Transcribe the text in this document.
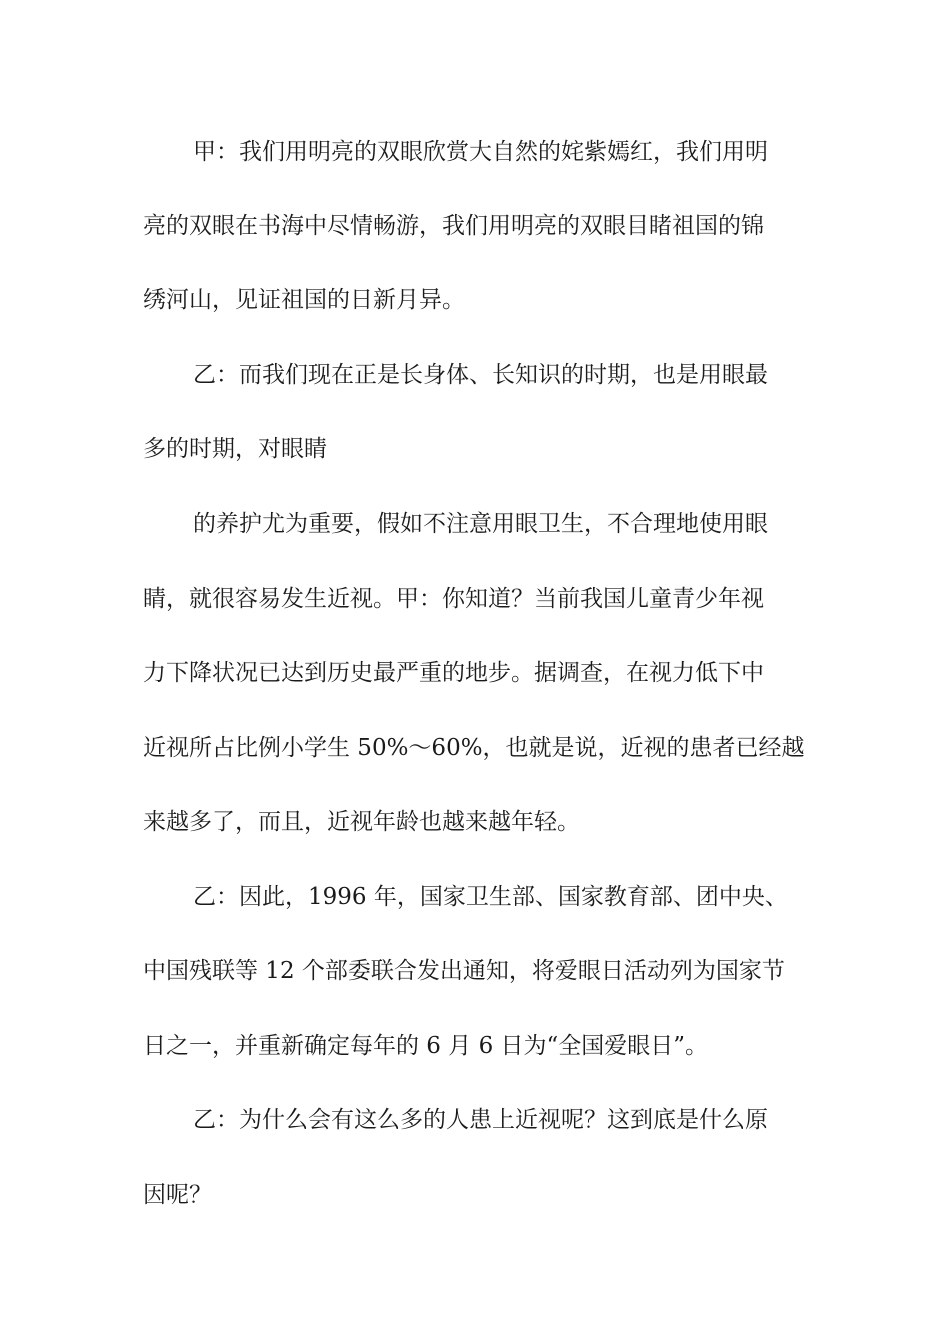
甲：我们用明亮的双眼欣赏大自然的姹紫嫣红，我们用明

亮的双眼在书海中尽情畅游，我们用明亮的双眼目睹祖国的锦

绣河山，见证祖国的日新月异。

乙：而我们现在正是长身体、长知识的时期，也是用眼最

多的时期，对眼睛

的养护尤为重要，假如不注意用眼卫生，不合理地使用眼

睛，就很容易发生近视。甲：你知道？当前我国儿童青少年视

力下降状况已达到历史最严重的地步。据调查，在视力低下中

近视所占比例小学生 50%～60%，也就是说，近视的患者已经越

来越多了，而且，近视年龄也越来越年轻。

乙：因此，1996 年，国家卫生部、国家教育部、团中央、

中国残联等 12 个部委联合发出通知，将爱眼日活动列为国家节

日之一，并重新确定每年的 6 月 6 日为“全国爱眼日”。

乙：为什么会有这么多的人患上近视呢？这到底是什么原

因呢？
